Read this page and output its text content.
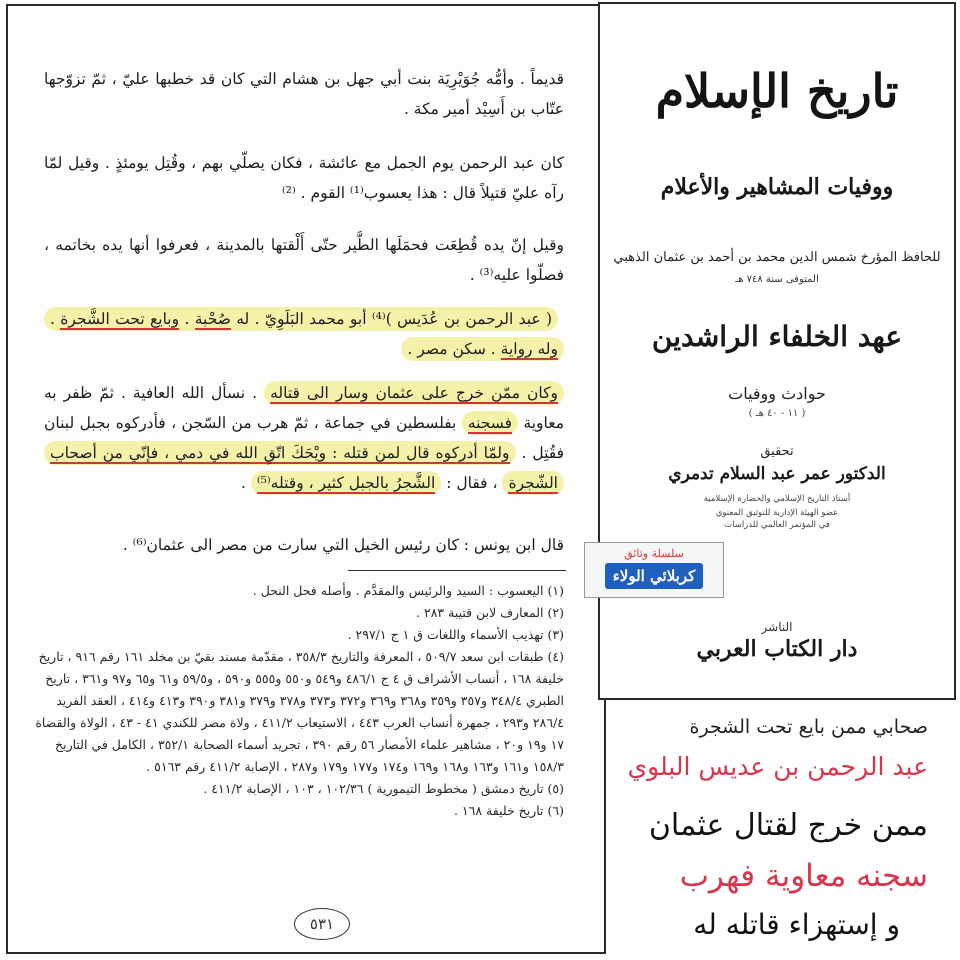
قديماً . وأمُّه جُوَيْرِيَة بنت أبي جهل بن هشام التي كان قد خطبها عليّ ، ثمّ تزوّجها عتّاب بن أَسِيْد أمير مكة .
كان عبد الرحمن يوم الجمل مع عائشة ، فكان يصلّي بهم ، وقُتِل يومئذٍ . وقيل لمّا رآه عليّ قتيلاً قال : هذا يعسوب⁽¹⁾ القوم . ⁽²⁾
وقيل إنّ يده قُطِعَت فحمَلَها الطَّير حتّى أَلْقتها بالمدينة ، فعرفوا أنها يده بخاتمه ، فصلّوا عليه⁽³⁾ .
( عبد الرحمن بن عُدَيس )⁽⁴⁾ أبو محمد البَلَوِيّ . له صُحْبة . وبايع تحت الشَّجرة . وله رواية . سكن مصر .
وكان ممّن خرج على عثمان وسار الى قتاله . نسأل الله العافية . ثمّ ظفر به معاوية فسجنه بفلسطين في جماعة ، ثمّ هرب من السّجن ، فأدركوه بجبل لبنان فقُتِل . ولمّا أدركوه قال لمن قتله : ويْحَكَ اتّقِ الله في دمي ، فإنّي من أصحاب الشّجرة ، فقال : الشَّجرُ بالجبل كثير ، وقتله⁽⁵⁾ .
قال ابن يونس : كان رئيس الخيل التي سارت من مصر الى عثمان⁽⁶⁾ .
(١) اليعسوب : السيد والرئيس والمقدَّم . وأصله فحل النحل .
(٢) المعارف لابن قتيبة ٢٨٣ .
(٣) تهذيب الأسماء واللغات ق ١ ج ٢٩٧/١ .
(٤) طبقات ابن سعد ٥٠٩/٧ ، المعرفة والتاريخ ٣٥٨/٣ ، مقدّمة مسند بقيّ بن مخلد ١٦١ رقم ٩١٦ ، تاريخ خليفة ١٦٨ ، أنساب الأشراف ق ٤ ج ٤٨٦/١ و٥٤٩ و٥٥٠ و٥٥٥ و٥٩٠ ، و٥٩/٥ و٦١ و٦٥ و٩٧ و٣٦١ ، تاريخ الطبري ٣٤٨/٤ و٣٥٧ و٣٥٩ و٣٦٨ و٣٦٩ و٣٧٢ و٣٧٣ و٣٧٨ و٣٧٩ و٣٨١ و٣٩٠ و٤١٣ و٤١٤ ، العقد الفريد ٢٨٦/٤ و٢٩٣ ، جمهرة أنساب العرب ٤٤٣ ، الاستيعاب ٤١١/٢ ، ولاة مصر للكندي ٤١ - ٤٣ ، الولاة والقضاة ١٧ و١٩ و٢٠ ، مشاهير علماء الأمصار ٥٦ رقم ٣٩٠ ، تجريد أسماء الصحابة ٣٥٢/١ ، الكامل في التاريخ ١٥٨/٣ و١٦١ و١٦٣ و١٦٨ و١٦٩ و١٧٤ و١٧٧ و١٧٩ و٢٨٧ ، الإصابة ٤١١/٢ رقم ٥١٦٣ .
(٥) تاريخ دمشق ( مخطوط التيمورية ) ١٠٢/٣٦ ، ١٠٣ ، الإصابة ٤١١/٢ .
(٦) تاريخ خليفة ١٦٨ .
٥٣١
تاريخ الإسلام
ووفيات المشاهير والأعلام
للحافظ المؤرخ شمس الدين محمد بن أحمد بن عثمان الذهبي
المتوفى سنة ٧٤٨ هـ
عهد الخلفاء الراشدين
حوادث ووفيات
( ١١ - ٤٠ هـ )
تحقيق
الدكتور عمر عبد السلام تدمري
أستاذ التاريخ الإسلامي والحضارة الإسلامية
عضو الهيئة الإدارية للتوثيق المعنوي
في المؤتمر العالمي للدراسات
الناشر
دار الكتاب العربي
سلسلة وثائق
كربلائي الولاء
صحابي ممن بايع تحت الشجرة
عبد الرحمن بن عديس البلوي
ممن خرج لقتال عثمان
سجنه معاوية فهرب
و إستهزاء قاتله له
